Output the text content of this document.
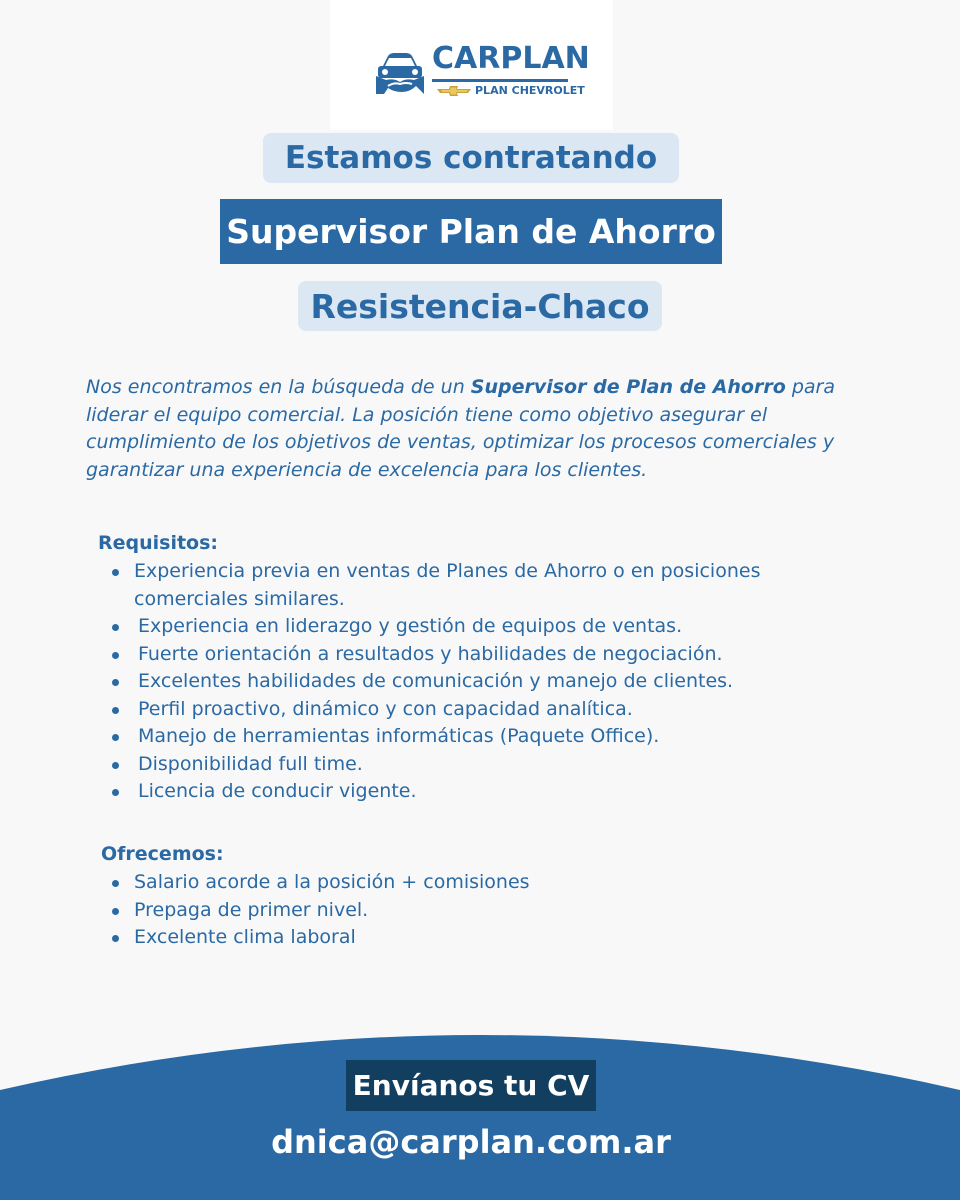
CARPLAN
PLAN CHEVROLET
Estamos contratando
Supervisor Plan de Ahorro
Resistencia-Chaco

Nos encontramos en la búsqueda de un Supervisor de Plan de Ahorro para liderar el equipo comercial. La posición tiene como objetivo asegurar el cumplimiento de los objetivos de ventas, optimizar los procesos comerciales y garantizar una experiencia de excelencia para los clientes.

Requisitos:
Experiencia previa en ventas de Planes de Ahorro o en posiciones
comerciales similares.
Experiencia en liderazgo y gestión de equipos de ventas.
Fuerte orientación a resultados y habilidades de negociación.
Excelentes habilidades de comunicación y manejo de clientes.
Perfil proactivo, dinámico y con capacidad analítica.
Manejo de herramientas informáticas (Paquete Office).
Disponibilidad full time.
Licencia de conducir vigente.
Ofrecemos:
Salario acorde a la posición + comisiones
Prepaga de primer nivel.
Excelente clima laboral
Envíanos tu CV
dnica@carplan.com.ar
